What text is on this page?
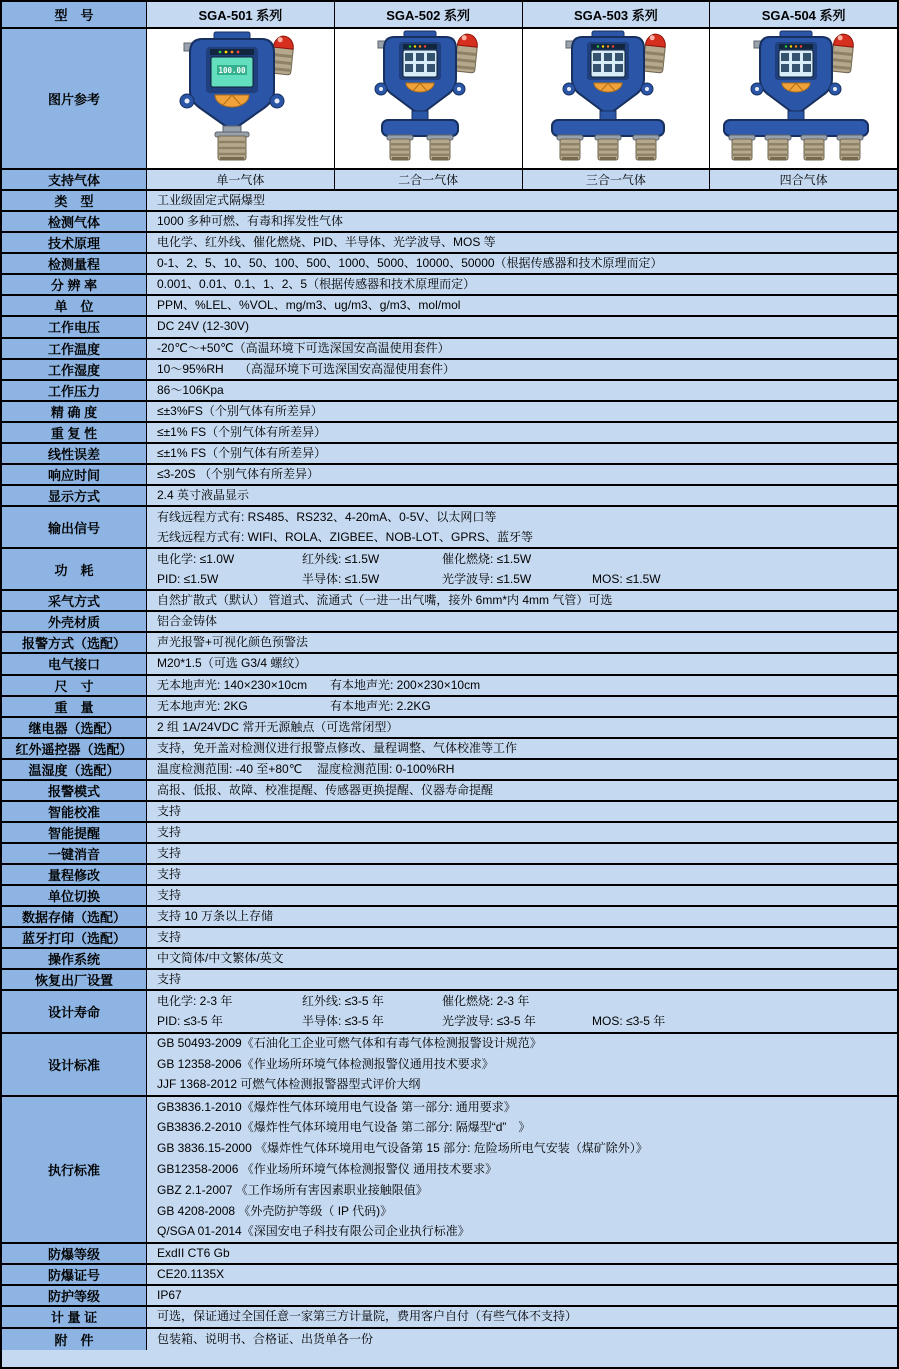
型　号	SGA-501 系列	SGA-502 系列	SGA-503 系列	SGA-504 系列
图片参考
100.00
支持气体	单一气体	二合一气体	三合一气体	四合气体
类　型	工业级固定式隔爆型
检测气体	1000 多种可燃、有毒和挥发性气体
技术原理	电化学、红外线、催化燃烧、PID、半导体、光学波导、MOS 等
检测量程	0-1、2、5、10、50、100、500、1000、5000、10000、50000（根据传感器和技术原理而定）
分 辨 率	0.001、0.01、0.1、1、2、5（根据传感器和技术原理而定）
单　位	PPM、%LEL、%VOL、mg/m3、ug/m3、g/m3、mol/mol
工作电压	DC 24V (12-30V)
工作温度	-20℃～+50℃（高温环境下可选深国安高温使用套件）
工作湿度	10～95%RH　 （高湿环境下可选深国安高湿使用套件）
工作压力	86～106Kpa
精 确 度	≤±3%FS（个别气体有所差异）
重 复 性	≤±1% FS（个别气体有所差异）
线性误差	≤±1% FS（个别气体有所差异）
响应时间	≤3-20S （个别气体有所差异）
显示方式	2.4 英寸液晶显示
输出信号
有线远程方式有: RS485、RS232、4-20mA、0-5V、以太网口等
无线远程方式有: WIFI、ROLA、ZIGBEE、NOB-LOT、GPRS、蓝牙等
功　耗
电化学: ≤1.0W	红外线: ≤1.5W	催化燃烧: ≤1.5W
PID: ≤1.5W	半导体: ≤1.5W	光学波导: ≤1.5W	MOS: ≤1.5W
采气方式	自然扩散式（默认） 管道式、流通式（一进一出气嘴，接外 6mm*内 4mm 气管）可选
外壳材质	铝合金铸体
报警方式（选配）	声光报警+可视化颜色预警法
电气接口	M20*1.5（可选 G3/4 螺纹）
尺　寸	无本地声光: 140×230×10cm 有本地声光: 200×230×10cm
重　量	无本地声光: 2KG	有本地声光: 2.2KG
继电器（选配）	2 组 1A/24VDC 常开无源触点（可选常闭型）
红外遥控器（选配）	支持，免开盖对检测仪进行报警点修改、量程调整、气体校准等工作
温湿度（选配）	温度检测范围: -40 至+80℃ 湿度检测范围: 0-100%RH
报警模式	高报、低报、故障、校准提醒、传感器更换提醒、仪器寿命提醒
智能校准	支持
智能提醒	支持
一键消音	支持
量程修改	支持
单位切换	支持
数据存储（选配）	支持 10 万条以上存储
蓝牙打印（选配）	支持
操作系统	中文简体/中文繁体/英文
恢复出厂设置	支持
设计寿命
电化学: 2-3 年	红外线: ≤3-5 年	催化燃烧: 2-3 年
PID: ≤3-5 年	半导体: ≤3-5 年	光学波导: ≤3-5 年	MOS: ≤3-5 年
设计标准
GB 50493-2009《石油化工企业可燃气体和有毒气体检测报警设计规范》
GB 12358-2006《作业场所环境气体检测报警仪通用技术要求》
JJF 1368-2012 可燃气体检测报警器型式评价大纲
执行标准
GB3836.1-2010《爆炸性气体环境用电气设备 第一部分: 通用要求》
GB3836.2-2010《爆炸性气体环境用电气设备 第二部分: 隔爆型“d”　》
GB 3836.15-2000 《爆炸性气体环境用电气设备第 15 部分: 危险场所电气安装（煤矿除外）》
GB12358-2006 《作业场所环境气体检测报警仪 通用技术要求》
GBZ 2.1-2007 《工作场所有害因素职业接触限值》
GB 4208-2008 《外壳防护等级（ IP 代码)》
Q/SGA 01-2014《深国安电子科技有限公司企业执行标准》
防爆等级	ExdII CT6 Gb
防爆证号	CE20.1135X
防护等级	IP67
计 量 证	可选，保证通过全国任意一家第三方计量院，费用客户自付（有些气体不支持）
附　件	包装箱、说明书、合格证、出货单各一份
